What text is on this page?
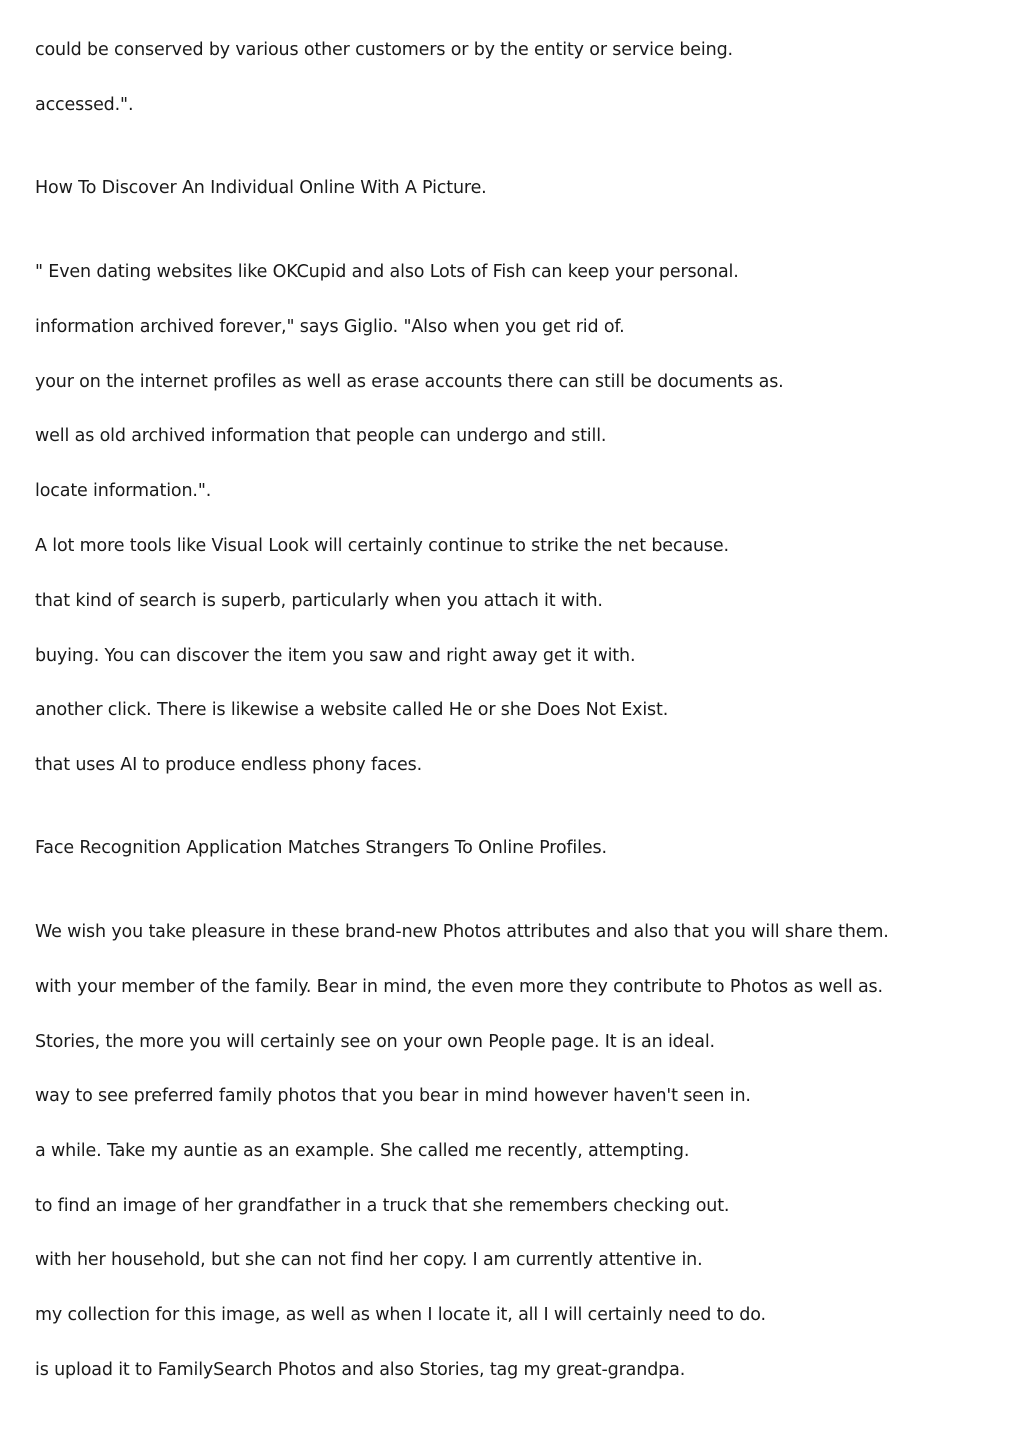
could be conserved by various other customers or by the entity or service being.

accessed.".

How To Discover An Individual Online With A Picture.

" Even dating websites like OKCupid and also Lots of Fish can keep your personal.

information archived forever," says Giglio. "Also when you get rid of.

your on the internet profiles as well as erase accounts there can still be documents as.

well as old archived information that people can undergo and still.

locate information.".

A lot more tools like Visual Look will certainly continue to strike the net because.

that kind of search is superb, particularly when you attach it with.

buying. You can discover the item you saw and right away get it with.

another click. There is likewise a website called He or she Does Not Exist.

that uses AI to produce endless phony faces.

Face Recognition Application Matches Strangers To Online Profiles.

We wish you take pleasure in these brand-new Photos attributes and also that you will share them.

with your member of the family. Bear in mind, the even more they contribute to Photos as well as.

Stories, the more you will certainly see on your own People page. It is an ideal.

way to see preferred family photos that you bear in mind however haven't seen in.

a while. Take my auntie as an example. She called me recently, attempting.

to find an image of her grandfather in a truck that she remembers checking out.

with her household, but she can not find her copy. I am currently attentive in.

my collection for this image, as well as when I locate it, all I will certainly need to do.

is upload it to FamilySearch Photos and also Stories, tag my great-grandpa.
